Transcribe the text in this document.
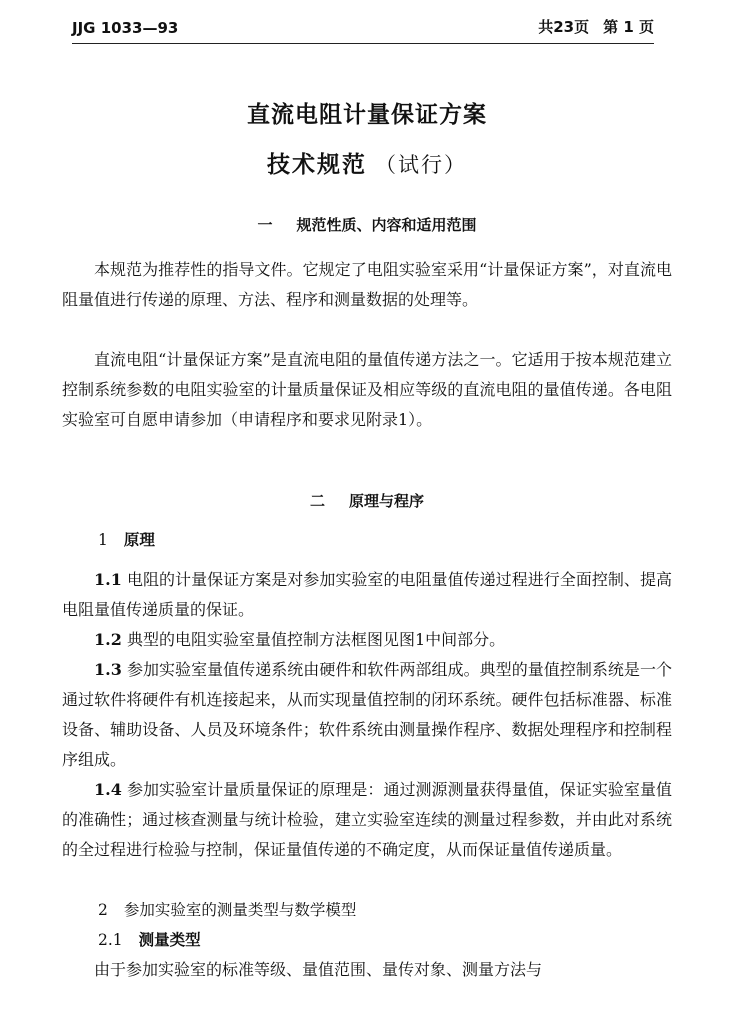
JJG 1033—93	共23页 第 1 页
直流电阻计量保证方案
技术规范 （试行）
一 规范性质、内容和适用范围
本规范为推荐性的指导文件。它规定了电阻实验室采用“计量保证方案”，对直流电阻量值进行传递的原理、方法、程序和测量数据的处理等。
直流电阻“计量保证方案”是直流电阻的量值传递方法之一。它适用于按本规范建立控制系统参数的电阻实验室的计量质量保证及相应等级的直流电阻的量值传递。各电阻实验室可自愿申请参加（申请程序和要求见附录1）。
二 原理与程序
1 原理
1.1 电阻的计量保证方案是对参加实验室的电阻量值传递过程进行全面控制、提高电阻量值传递质量的保证。
1.2 典型的电阻实验室量值控制方法框图见图1中间部分。
1.3 参加实验室量值传递系统由硬件和软件两部组成。典型的量值控制系统是一个通过软件将硬件有机连接起来，从而实现量值控制的闭环系统。硬件包括标准器、标准设备、辅助设备、人员及环境条件；软件系统由测量操作程序、数据处理程序和控制程序组成。
1.4 参加实验室计量质量保证的原理是：通过测源测量获得量值，保证实验室量值的准确性；通过核查测量与统计检验，建立实验室连续的测量过程参数，并由此对系统的全过程进行检验与控制，保证量值传递的不确定度，从而保证量值传递质量。
2 参加实验室的测量类型与数学模型
2.1 测量类型
由于参加实验室的标准等级、量值范围、量传对象、测量方法与
